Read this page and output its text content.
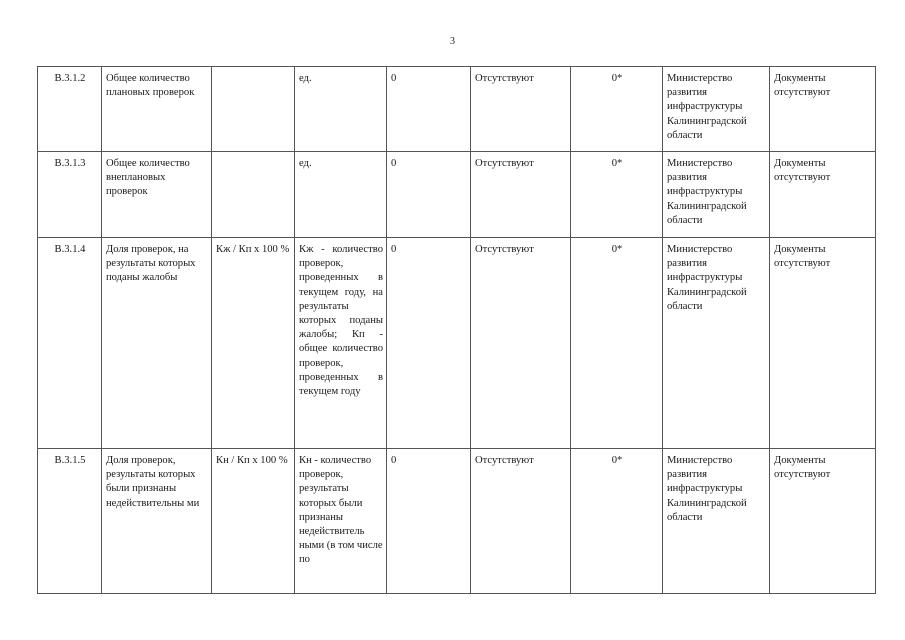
3
В.3.1.2	Общее количество плановых проверок		ед.	0	Отсутствуют	0*	Министерство развития инфраструктуры Калининградской области	Документы отсутствуют
В.3.1.3	Общее количество внеплановых проверок		ед.	0	Отсутствуют	0*	Министерство развития инфраструктуры Калининградской области	Документы отсутствуют
В.3.1.4	Доля проверок, на результаты которых поданы жалобы	Кж / Кп х 100 %	Кж - количество проверок, проведенных в текущем году, на результаты которых поданы жалобы; Кп - общее количество проверок, проведенных в текущем году	0	Отсутствуют	0*	Министерство развития инфраструктуры Калининградской области	Документы отсутствуют
В.3.1.5	Доля проверок, результаты которых были признаны недействительны ми	Кн / Кп х 100 %	Кн - количество проверок, результаты которых были признаны недействитель ными (в том числе по	0	Отсутствуют	0*	Министерство развития инфраструктуры Калининградской области	Документы отсутствуют
